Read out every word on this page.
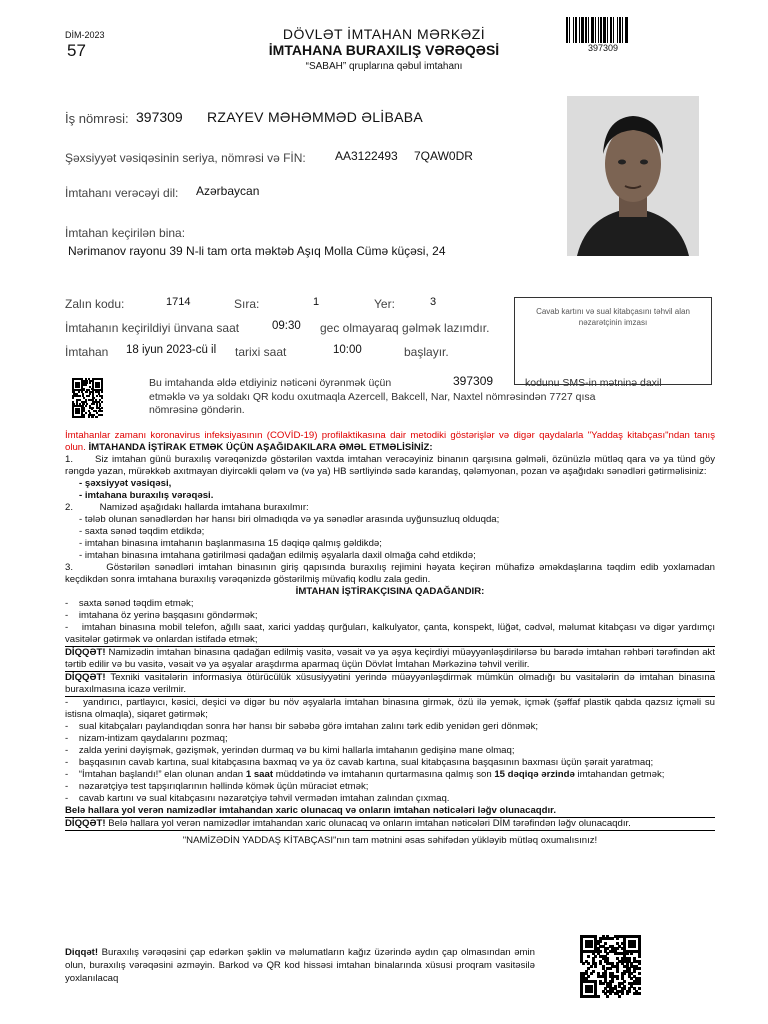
DİM-2023
57
DÖVLƏT İMTAHAN MƏRKƏZİ
İMTAHANA BURAXILIŞ VƏRƏQƏSİ
“SABAH” qruplarına qəbul imtahanı
397309
İş nömrəsi: 397309 RZAYEV MƏHƏMMƏD ƏLİBABA
Şəxsiyyət vəsiqəsinin seriya, nömrəsi və FİN: AA3122493 7QAW0DR
İmtahanı verəcəyi dil: Azərbaycan
İmtahan keçirilən bina:
Nərimanov rayonu 39 N-li tam orta məktəb Aşıq Molla Cümə küçəsi, 24
Zalın kodu:	1714	Sıra:	1	Yer:	3
İmtahanın keçirildiyi ünvana saat	09:30 gec olmayaraq gəlmək lazımdır.
İmtahan 18 iyun 2023-cü il tarixi saat	10:00	başlayır.
Cavab kartını və sual kitabçasını təhvil alan nəzarətçinin imzası
Bu imtahanda əldə etdiyiniz nəticəni öyrənmək üçün	397309	kodunu SMS-in mətninə daxil
etməklə və ya soldakı QR kodu oxutmaqla Azercell, Bakcell, Nar, Naxtel nömrəsindən 7727 qısa
nömrəsinə göndərin.
İmtahanlar zamanı koronavirus infeksiyasının (COVİD-19) profilaktikasına dair metodiki göstərişlər və digər qaydalarla "Yaddaş kitabçası"ndan tanış olun. İMTAHANDA İŞTİRAK ETMƏK ÜÇÜN AŞAĞIDAKILARA ƏMƏL ETMƏLİSİNİZ:
1. Siz imtahan günü buraxılış vərəqənizdə göstərilən vaxtda imtahan verəcəyiniz binanın qarşısına gəlməli, özünüzlə mütləq qara və ya tünd göy rəngdə yazan, mürəkkəb axıtmayan diyircəkli qələm və (və ya) HB sərtliyində sadə karandaş, qələmyonan, pozan və aşağıdakı sənədləri gətirməlisiniz:
- şəxsiyyət vəsiqəsi,
- imtahana buraxılış vərəqəsi.
2.	Namizəd aşağıdakı hallarda imtahana buraxılmır:
- tələb olunan sənədlərdən hər hansı biri olmadıqda və ya sənədlər arasında uyğunsuzluq olduqda;
- saxta sənəd təqdim etdikdə;
- imtahan binasına imtahanın başlanmasına 15 dəqiqə qalmış gəldikdə;
- imtahan binasına imtahana gətirilməsi qadağan edilmiş əşyalarla daxil olmağa cəhd etdikdə;
3.	Göstərilən sənədləri imtahan binasının giriş qapısında buraxılış rejimini həyata keçirən mühafizə əməkdaşlarına təqdim edib yoxlamadan keçdikdən sonra imtahana buraxılış vərəqənizdə göstərilmiş müvafiq kodlu zala gedin.
İMTAHAN İŞTİRAKÇISINA QADAĞANDIR:
-    saxta sənəd təqdim etmək;
-    imtahana öz yerinə başqasını göndərmək;
-    imtahan binasına mobil telefon, ağıllı saat, xarici yaddaş qurğuları, kalkulyator, çanta, konspekt, lüğət, cədvəl, məlumat kitabçası və digər yardımçı vasitələr gətirmək və onlardan istifadə etmək;
DİQQƏT! Namizədin imtahan binasına qadağan edilmiş vasitə, vəsait və ya əşya keçirdiyi müəyyənləşdirilərsə bu barədə imtahan rəhbəri tərəfindən akt tərtib edilir və bu vasitə, vəsait və ya əşyalar araşdırma aparmaq üçün Dövlət İmtahan Mərkəzinə təhvil verilir.
DİQQƏT! Texniki vasitələrin informasiya ötürücülük xüsusiyyətini yerində müəyyənləşdirmək mümkün olmadığı bu vasitələrin də imtahan binasına buraxılmasına icazə verilmir.
-    yandırıcı, partlayıcı, kəsici, deşici və digər bu növ əşyalarla imtahan binasına girmək, özü ilə yemək, içmək (şəffaf plastik qabda qazsız içməli su istisna olmaqla), siqaret gətirmək;
-    sual kitabçaları paylandıqdan sonra hər hansı bir səbəbə görə imtahan zalını tərk edib yenidən geri dönmək;
-    nizam-intizam qaydalarını pozmaq;
-    zalda yerini dəyişmək, gəzişmək, yerindən durmaq və bu kimi hallarla imtahanın gedişinə mane olmaq;
-    başqasının cavab kartına, sual kitabçasına baxmaq və ya öz cavab kartına, sual kitabçasına başqasının baxması üçün şərait yaratmaq;
-    “İmtahan başlandı!” elan olunan andan 1 saat müddətində və imtahanın qurtarmasına qalmış son 15 dəqiqə ərzində imtahandan getmək;
-    nəzarətçiyə test tapşırıqlarının həllində kömək üçün müraciət etmək;
-    cavab kartını və sual kitabçasını nəzarətçiyə təhvil vermədən imtahan zalından çıxmaq.
Belə hallara yol verən namizədlər imtahandan xaric olunacaq və onların imtahan nəticələri ləğv olunacaqdır.
DİQQƏT! Belə hallara yol verən namizədlər imtahandan xaric olunacaq və onların imtahan nəticələri DİM tərəfindən ləğv olunacaqdır.
"NAMİZƏDİN YADDAŞ KİTABÇASI"nın tam mətnini əsas səhifədən yükləyib mütləq oxumalısınız!
Diqqət! Buraxılış vərəqəsini çap edərkən şəklin və məlumatların kağız üzərində aydın çap olmasından əmin olun, buraxılış vərəqəsini əzməyin. Barkod və QR kod hissəsi imtahan binalarında xüsusi proqram vasitəsilə yoxlanılacaq
